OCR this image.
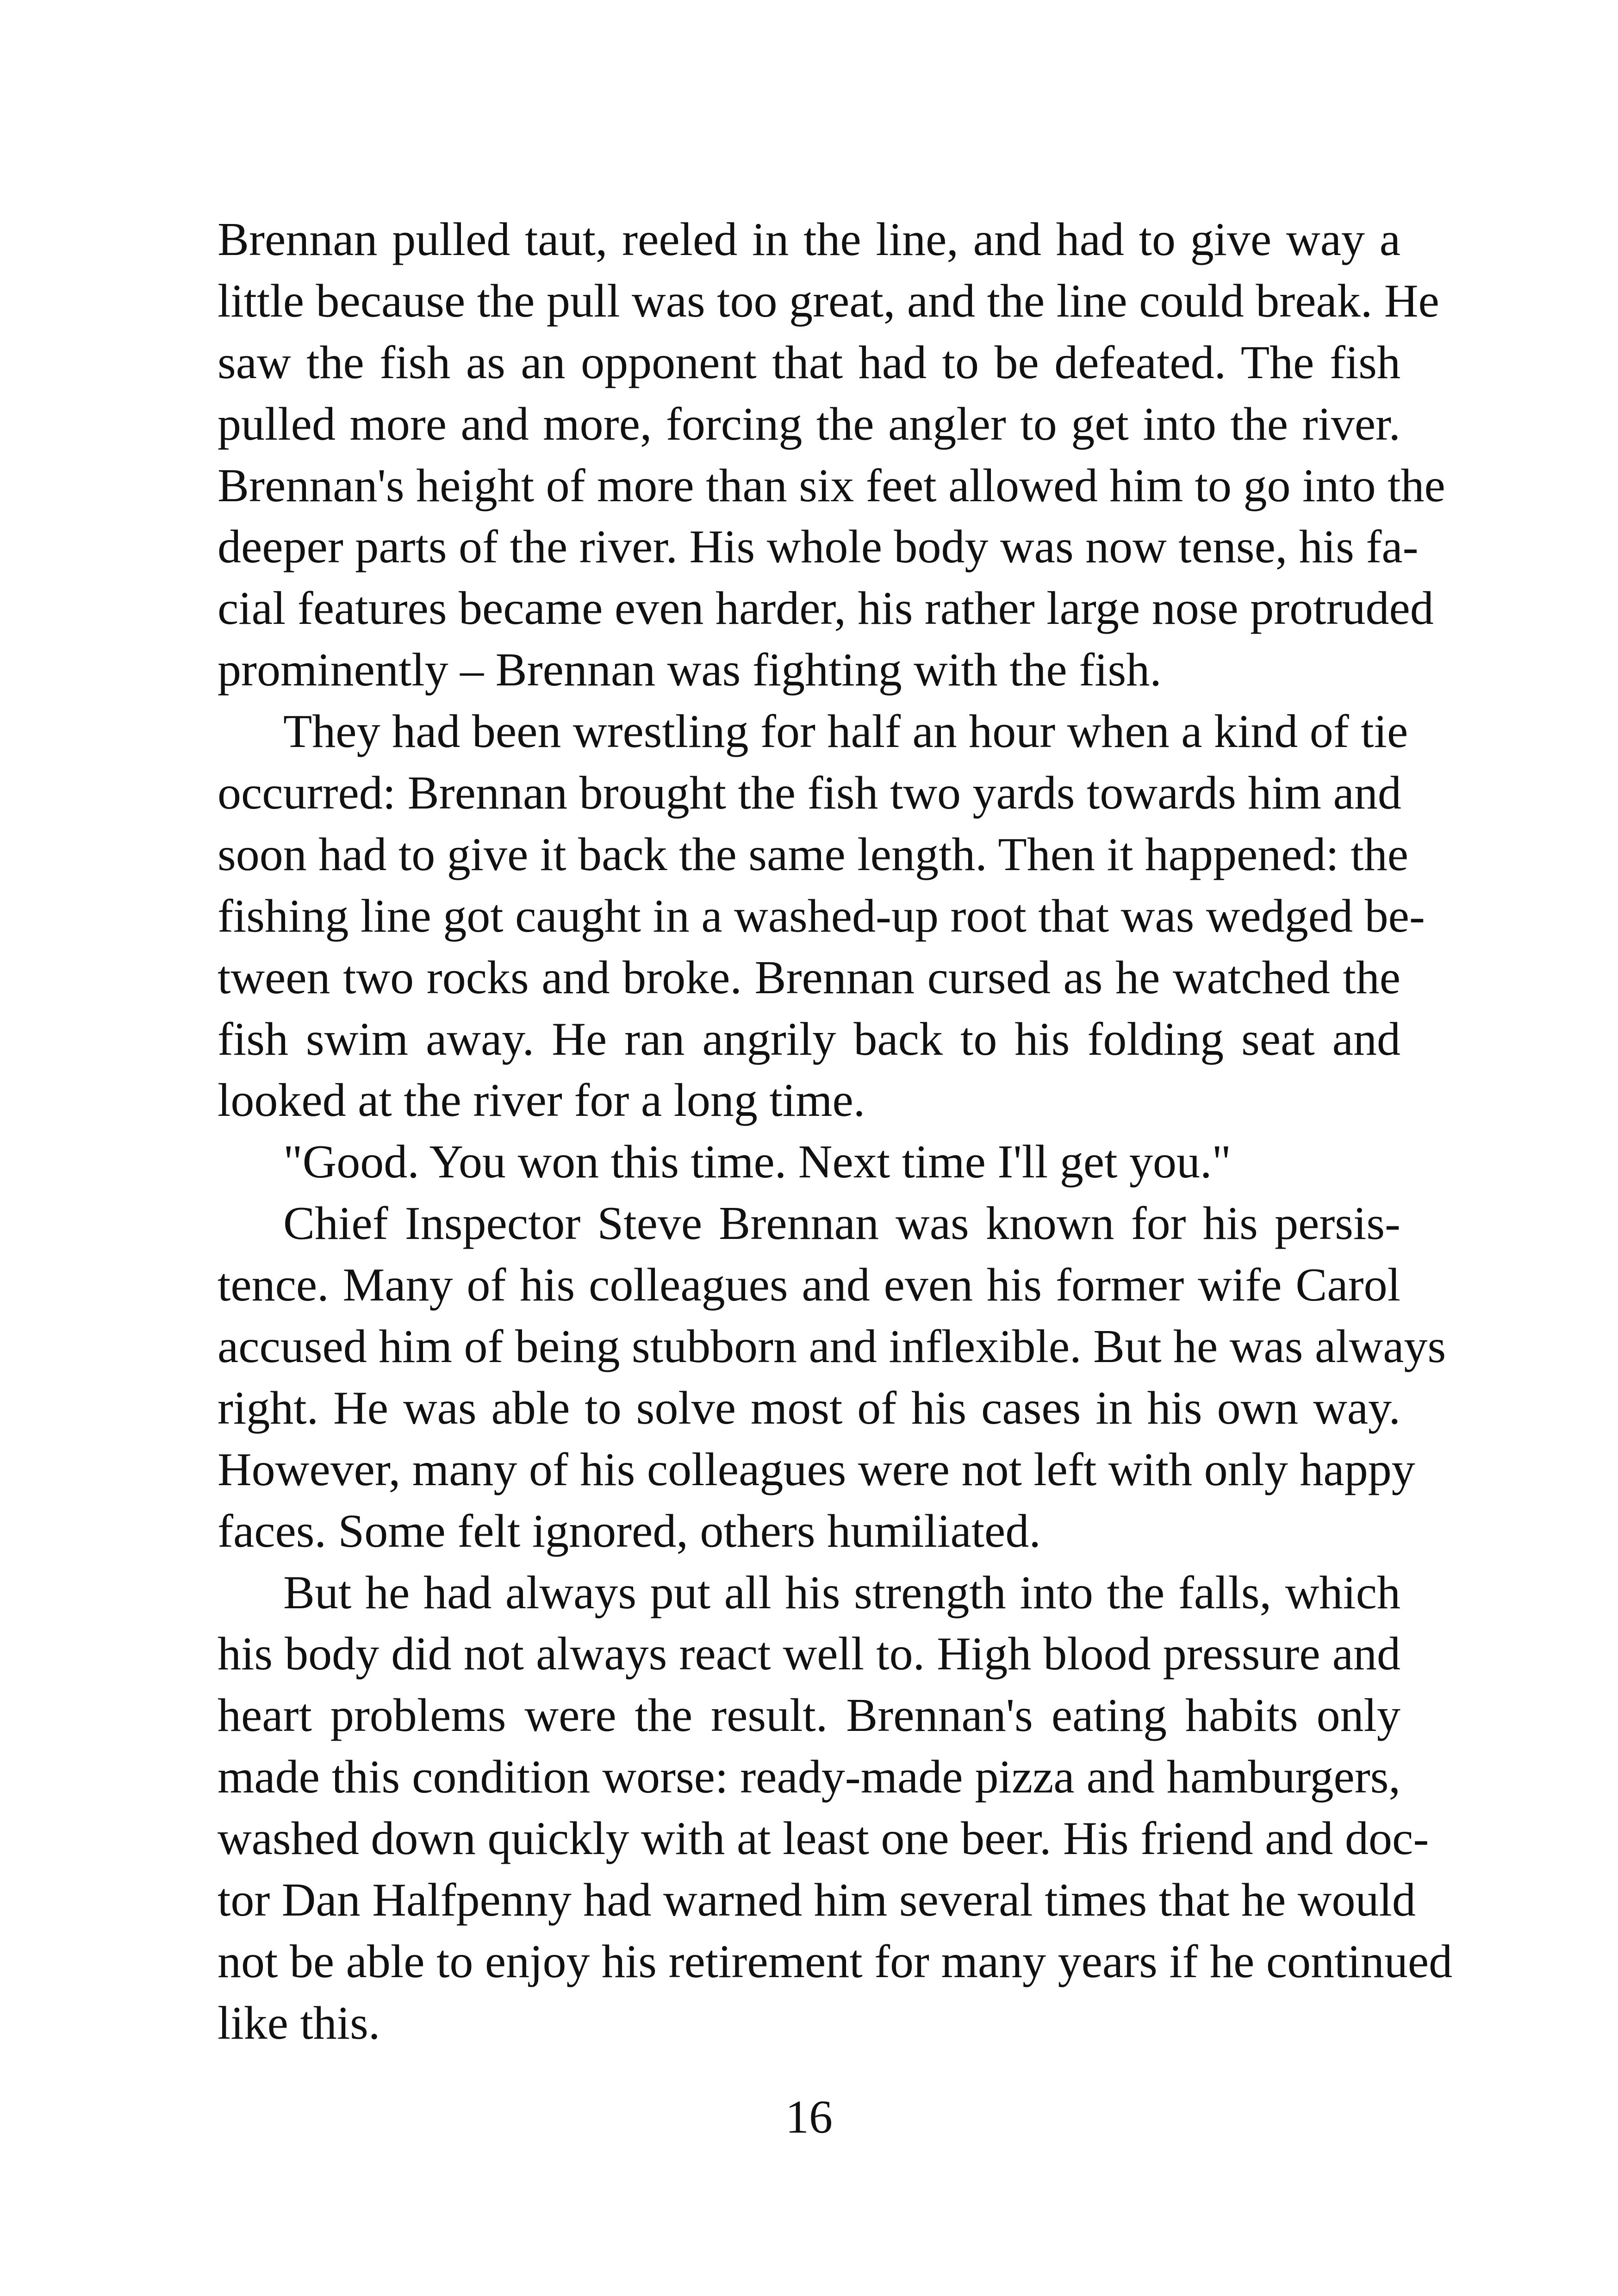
Brennan pulled taut, reeled in the line, and had to give way a
little because the pull was too great, and the line could break. He
saw the fish as an opponent that had to be defeated. The fish
pulled more and more, forcing the angler to get into the river.
Brennan's height of more than six feet allowed him to go into the
deeper parts of the river. His whole body was now tense, his fa-
cial features became even harder, his rather large nose protruded
prominently – Brennan was fighting with the fish.
They had been wrestling for half an hour when a kind of tie
occurred: Brennan brought the fish two yards towards him and
soon had to give it back the same length. Then it happened: the
fishing line got caught in a washed-up root that was wedged be-
tween two rocks and broke. Brennan cursed as he watched the
fish swim away. He ran angrily back to his folding seat and
looked at the river for a long time.
"Good. You won this time. Next time I'll get you."
Chief Inspector Steve Brennan was known for his persis-
tence. Many of his colleagues and even his former wife Carol
accused him of being stubborn and inflexible. But he was always
right. He was able to solve most of his cases in his own way.
However, many of his colleagues were not left with only happy
faces. Some felt ignored, others humiliated.
But he had always put all his strength into the falls, which
his body did not always react well to. High blood pressure and
heart problems were the result. Brennan's eating habits only
made this condition worse: ready-made pizza and hamburgers,
washed down quickly with at least one beer. His friend and doc-
tor Dan Halfpenny had warned him several times that he would
not be able to enjoy his retirement for many years if he continued
like this.
16
